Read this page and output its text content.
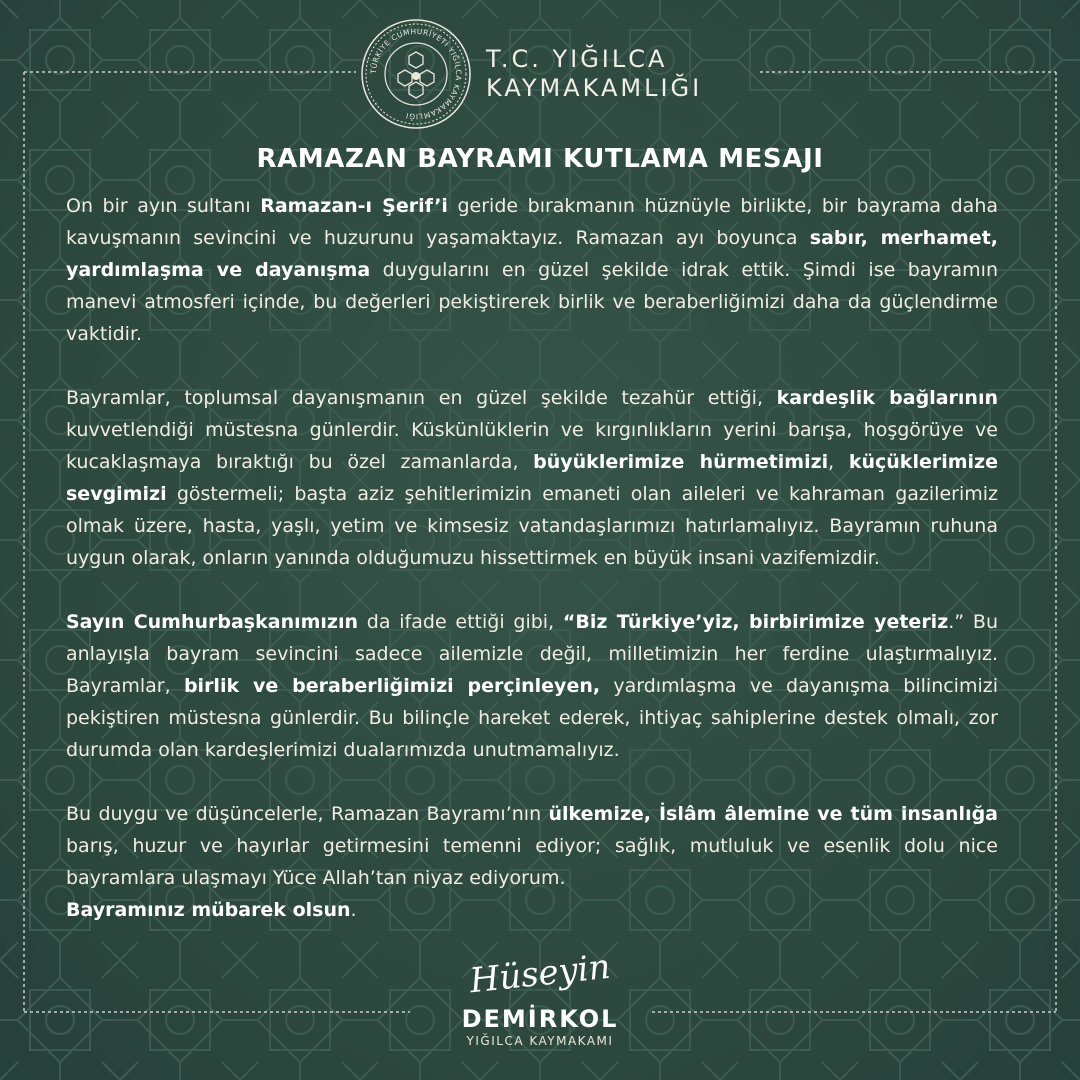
TÜRKİYE CUMHURİYETİ YIĞILCA KAYMAKAMLIĞI
T.C. YIĞILCA
KAYMAKAMLIĞI
RAMAZAN BAYRAMI KUTLAMA MESAJI

On bir ayın sultanı Ramazan-ı Şerif’i geride bırakmanın hüznüyle birlikte, bir bayrama daha kavuşmanın sevincini ve huzurunu yaşamaktayız. Ramazan ayı boyunca sabır, merhamet, yardımlaşma ve dayanışma duygularını en güzel şekilde idrak ettik. Şimdi ise bayramın manevi atmosferi içinde, bu değerleri pekiştirerek birlik ve beraberliğimizi daha da güçlendirme vaktidir.

Bayramlar, toplumsal dayanışmanın en güzel şekilde tezahür ettiği, kardeşlik bağlarının kuvvetlendiği müstesna günlerdir. Küskünlüklerin ve kırgınlıkların yerini barışa, hoşgörüye ve kucaklaşmaya bıraktığı bu özel zamanlarda, büyüklerimize hürmetimizi, küçüklerimize sevgimizi göstermeli; başta aziz şehitlerimizin emaneti olan aileleri ve kahraman gazilerimiz olmak üzere, hasta, yaşlı, yetim ve kimsesiz vatandaşlarımızı hatırlamalıyız. Bayramın ruhuna uygun olarak, onların yanında olduğumuzu hissettirmek en büyük insani vazifemizdir.

Sayın Cumhurbaşkanımızın da ifade ettiği gibi, “Biz Türkiye’yiz, birbirimize yeteriz.” Bu anlayışla bayram sevincini sadece ailemizle değil, milletimizin her ferdine ulaştırmalıyız. Bayramlar, birlik ve beraberliğimizi perçinleyen, yardımlaşma ve dayanışma bilincimizi pekiştiren müstesna günlerdir. Bu bilinçle hareket ederek, ihtiyaç sahiplerine destek olmalı, zor durumda olan kardeşlerimizi dualarımızda unutmamalıyız.

Bu duygu ve düşüncelerle, Ramazan Bayramı’nın ülkemize, İslâm âlemine ve tüm insanlığa barış, huzur ve hayırlar getirmesini temenni ediyor; sağlık, mutluluk ve esenlik dolu nice bayramlara ulaşmayı Yüce Allah’tan niyaz ediyorum.
Bayramınız mübarek olsun.

Hüseyin
DEMİRKOL
YIĞILCA KAYMAKAMI
